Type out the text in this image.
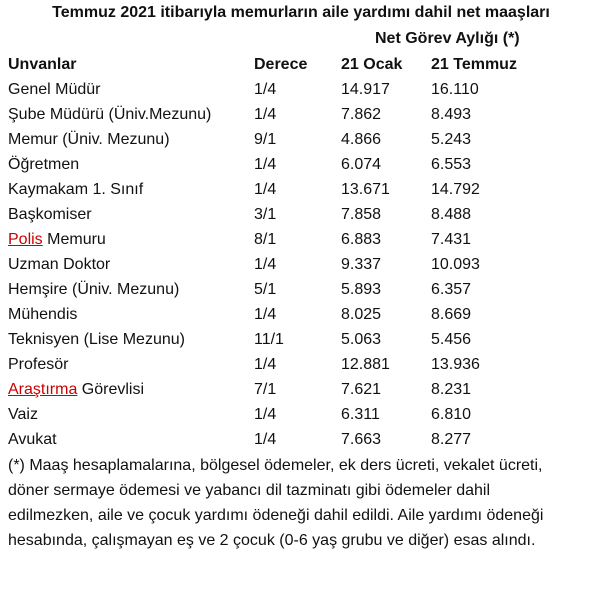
Temmuz 2021 itibarıyla memurların aile yardımı dahil net maaşları
Net Görev Aylığı (*)
Unvanlar	Derece	21 Ocak	21 Temmuz
Genel Müdür	1/4	14.917	16.110
Şube Müdürü (Üniv.Mezunu)	1/4	7.862	8.493
Memur (Üniv. Mezunu)	9/1	4.866	5.243
Öğretmen	1/4	6.074	6.553
Kaymakam 1. Sınıf	1/4	13.671	14.792
Başkomiser	3/1	7.858	8.488
Polis Memuru	8/1	6.883	7.431
Uzman Doktor	1/4	9.337	10.093
Hemşire (Üniv. Mezunu)	5/1	5.893	6.357
Mühendis	1/4	8.025	8.669
Teknisyen (Lise Mezunu)	11/1	5.063	5.456
Profesör	1/4	12.881	13.936
Araştırma Görevlisi	7/1	7.621	8.231
Vaiz	1/4	6.311	6.810
Avukat	1/4	7.663	8.277
(*) Maaş hesaplamalarına, bölgesel ödemeler, ek ders ücreti, vekalet ücreti, döner sermaye ödemesi ve yabancı dil tazminatı gibi ödemeler dahil edilmezken, aile ve çocuk yardımı ödeneği dahil edildi. Aile yardımı ödeneği hesabında, çalışmayan eş ve 2 çocuk (0-6 yaş grubu ve diğer) esas alındı.
